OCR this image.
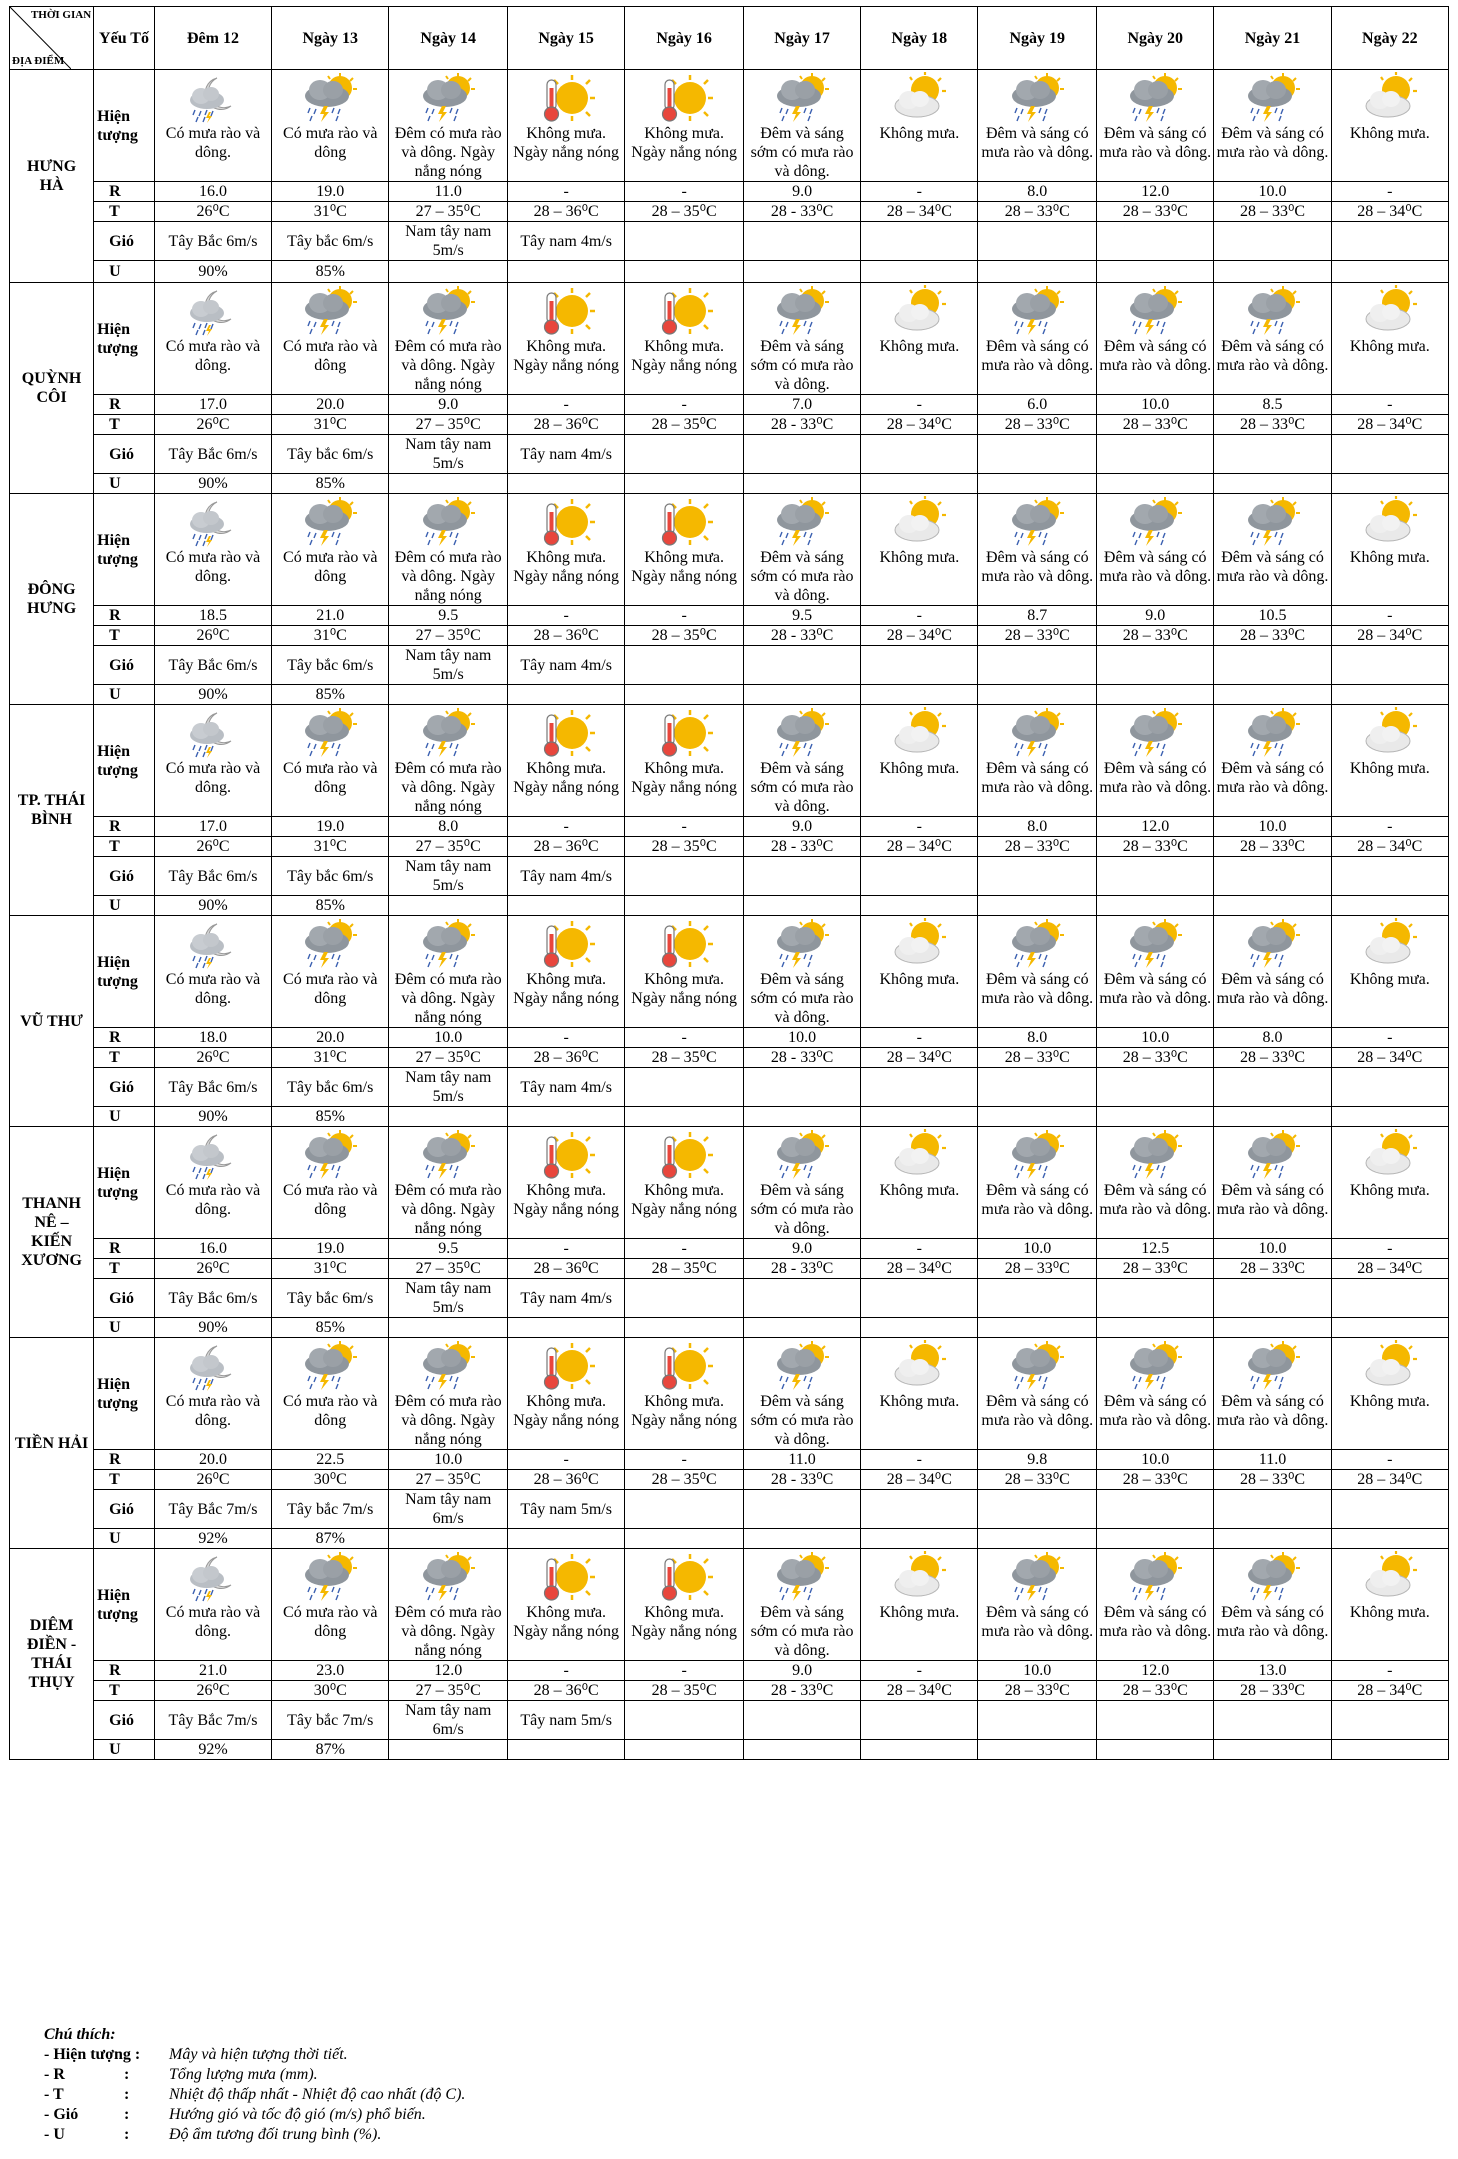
THỜI GIAN
ĐỊA ĐIỂM	Yếu Tố	Đêm 12	Ngày 13	Ngày 14	Ngày 15	Ngày 16	Ngày 17	Ngày 18	Ngày 19	Ngày 20	Ngày 21	Ngày 22
HƯNG HÀ	Hiện tượng	Có mưa rào và dông.	Có mưa rào và dông	Đêm có mưa rào và dông. Ngày nắng nóng	Không mưa. Ngày nắng nóng	Không mưa. Ngày nắng nóng	Đêm và sáng sớm có mưa rào và dông.	Không mưa.	Đêm và sáng có mưa rào và dông.	Đêm và sáng có mưa rào và dông.	Đêm và sáng có mưa rào và dông.	Không mưa.

	R	16.0	19.0	11.0	-	-	9.0	-	8.0	12.0	10.0	-
	T	26⁰C	31⁰C	27 – 35⁰C	28 – 36⁰C	28 – 35⁰C	28 - 33⁰C	28 – 34⁰C	28 – 33⁰C	28 – 33⁰C	28 – 33⁰C	28 – 34⁰C
	Gió	Tây Bắc 6m/s	Tây bắc 6m/s	Nam tây nam 5m/s	Tây nam 4m/s							
	U	90%	85%									
QUỲNH CÔI	Hiện tượng	Có mưa rào và dông.	Có mưa rào và dông	Đêm có mưa rào và dông. Ngày nắng nóng	Không mưa. Ngày nắng nóng	Không mưa. Ngày nắng nóng	Đêm và sáng sớm có mưa rào và dông.	Không mưa.	Đêm và sáng có mưa rào và dông.	Đêm và sáng có mưa rào và dông.	Đêm và sáng có mưa rào và dông.	Không mưa.

	R	17.0	20.0	9.0	-	-	7.0	-	6.0	10.0	8.5	-
	T	26⁰C	31⁰C	27 – 35⁰C	28 – 36⁰C	28 – 35⁰C	28 - 33⁰C	28 – 34⁰C	28 – 33⁰C	28 – 33⁰C	28 – 33⁰C	28 – 34⁰C
	Gió	Tây Bắc 6m/s	Tây bắc 6m/s	Nam tây nam 5m/s	Tây nam 4m/s							
	U	90%	85%									
ĐÔNG HƯNG	Hiện tượng	Có mưa rào và dông.	Có mưa rào và dông	Đêm có mưa rào và dông. Ngày nắng nóng	Không mưa. Ngày nắng nóng	Không mưa. Ngày nắng nóng	Đêm và sáng sớm có mưa rào và dông.	Không mưa.	Đêm và sáng có mưa rào và dông.	Đêm và sáng có mưa rào và dông.	Đêm và sáng có mưa rào và dông.	Không mưa.

	R	18.5	21.0	9.5	-	-	9.5	-	8.7	9.0	10.5	-
	T	26⁰C	31⁰C	27 – 35⁰C	28 – 36⁰C	28 – 35⁰C	28 - 33⁰C	28 – 34⁰C	28 – 33⁰C	28 – 33⁰C	28 – 33⁰C	28 – 34⁰C
	Gió	Tây Bắc 6m/s	Tây bắc 6m/s	Nam tây nam 5m/s	Tây nam 4m/s							
	U	90%	85%									
TP. THÁI BÌNH	Hiện tượng	Có mưa rào và dông.	Có mưa rào và dông	Đêm có mưa rào và dông. Ngày nắng nóng	Không mưa. Ngày nắng nóng	Không mưa. Ngày nắng nóng	Đêm và sáng sớm có mưa rào và dông.	Không mưa.	Đêm và sáng có mưa rào và dông.	Đêm và sáng có mưa rào và dông.	Đêm và sáng có mưa rào và dông.	Không mưa.

	R	17.0	19.0	8.0	-	-	9.0	-	8.0	12.0	10.0	-
	T	26⁰C	31⁰C	27 – 35⁰C	28 – 36⁰C	28 – 35⁰C	28 - 33⁰C	28 – 34⁰C	28 – 33⁰C	28 – 33⁰C	28 – 33⁰C	28 – 34⁰C
	Gió	Tây Bắc 6m/s	Tây bắc 6m/s	Nam tây nam 5m/s	Tây nam 4m/s							
	U	90%	85%									
VŨ THƯ	Hiện tượng	Có mưa rào và dông.	Có mưa rào và dông	Đêm có mưa rào và dông. Ngày nắng nóng	Không mưa. Ngày nắng nóng	Không mưa. Ngày nắng nóng	Đêm và sáng sớm có mưa rào và dông.	Không mưa.	Đêm và sáng có mưa rào và dông.	Đêm và sáng có mưa rào và dông.	Đêm và sáng có mưa rào và dông.	Không mưa.

	R	18.0	20.0	10.0	-	-	10.0	-	8.0	10.0	8.0	-
	T	26⁰C	31⁰C	27 – 35⁰C	28 – 36⁰C	28 – 35⁰C	28 - 33⁰C	28 – 34⁰C	28 – 33⁰C	28 – 33⁰C	28 – 33⁰C	28 – 34⁰C
	Gió	Tây Bắc 6m/s	Tây bắc 6m/s	Nam tây nam 5m/s	Tây nam 4m/s							
	U	90%	85%									
THANH NÊ – KIẾN XƯƠNG	Hiện tượng	Có mưa rào và dông.	Có mưa rào và dông	Đêm có mưa rào và dông. Ngày nắng nóng	Không mưa. Ngày nắng nóng	Không mưa. Ngày nắng nóng	Đêm và sáng sớm có mưa rào và dông.	Không mưa.	Đêm và sáng có mưa rào và dông.	Đêm và sáng có mưa rào và dông.	Đêm và sáng có mưa rào và dông.	Không mưa.

	R	16.0	19.0	9.5	-	-	9.0	-	10.0	12.5	10.0	-
	T	26⁰C	31⁰C	27 – 35⁰C	28 – 36⁰C	28 – 35⁰C	28 - 33⁰C	28 – 34⁰C	28 – 33⁰C	28 – 33⁰C	28 – 33⁰C	28 – 34⁰C
	Gió	Tây Bắc 6m/s	Tây bắc 6m/s	Nam tây nam 5m/s	Tây nam 4m/s							
	U	90%	85%									
TIỀN HẢI	Hiện tượng	Có mưa rào và dông.	Có mưa rào và dông	Đêm có mưa rào và dông. Ngày nắng nóng	Không mưa. Ngày nắng nóng	Không mưa. Ngày nắng nóng	Đêm và sáng sớm có mưa rào và dông.	Không mưa.	Đêm và sáng có mưa rào và dông.	Đêm và sáng có mưa rào và dông.	Đêm và sáng có mưa rào và dông.	Không mưa.

	R	20.0	22.5	10.0	-	-	11.0	-	9.8	10.0	11.0	-
	T	26⁰C	30⁰C	27 – 35⁰C	28 – 36⁰C	28 – 35⁰C	28 - 33⁰C	28 – 34⁰C	28 – 33⁰C	28 – 33⁰C	28 – 33⁰C	28 – 34⁰C
	Gió	Tây Bắc 7m/s	Tây bắc 7m/s	Nam tây nam 6m/s	Tây nam 5m/s							
	U	92%	87%									
DIÊM ĐIỀN - THÁI THỤY	Hiện tượng	Có mưa rào và dông.	Có mưa rào và dông	Đêm có mưa rào và dông. Ngày nắng nóng	Không mưa. Ngày nắng nóng	Không mưa. Ngày nắng nóng	Đêm và sáng sớm có mưa rào và dông.	Không mưa.	Đêm và sáng có mưa rào và dông.	Đêm và sáng có mưa rào và dông.	Đêm và sáng có mưa rào và dông.	Không mưa.

	R	21.0	23.0	12.0	-	-	9.0	-	10.0	12.0	13.0	-
	T	26⁰C	30⁰C	27 – 35⁰C	28 – 36⁰C	28 – 35⁰C	28 - 33⁰C	28 – 34⁰C	28 – 33⁰C	28 – 33⁰C	28 – 33⁰C	28 – 34⁰C
	Gió	Tây Bắc 7m/s	Tây bắc 7m/s	Nam tây nam 6m/s	Tây nam 5m/s							
	U	92%	87%									
Chú thích:
- Hiện tượng : Mây và hiện tượng thời tiết.
- R	: Tổng lượng mưa (mm).
- T	: Nhiệt độ thấp nhất - Nhiệt độ cao nhất (độ C).
- Gió	: Hướng gió và tốc độ gió (m/s) phổ biến.
- U	: Độ ẩm tương đối trung bình (%).
